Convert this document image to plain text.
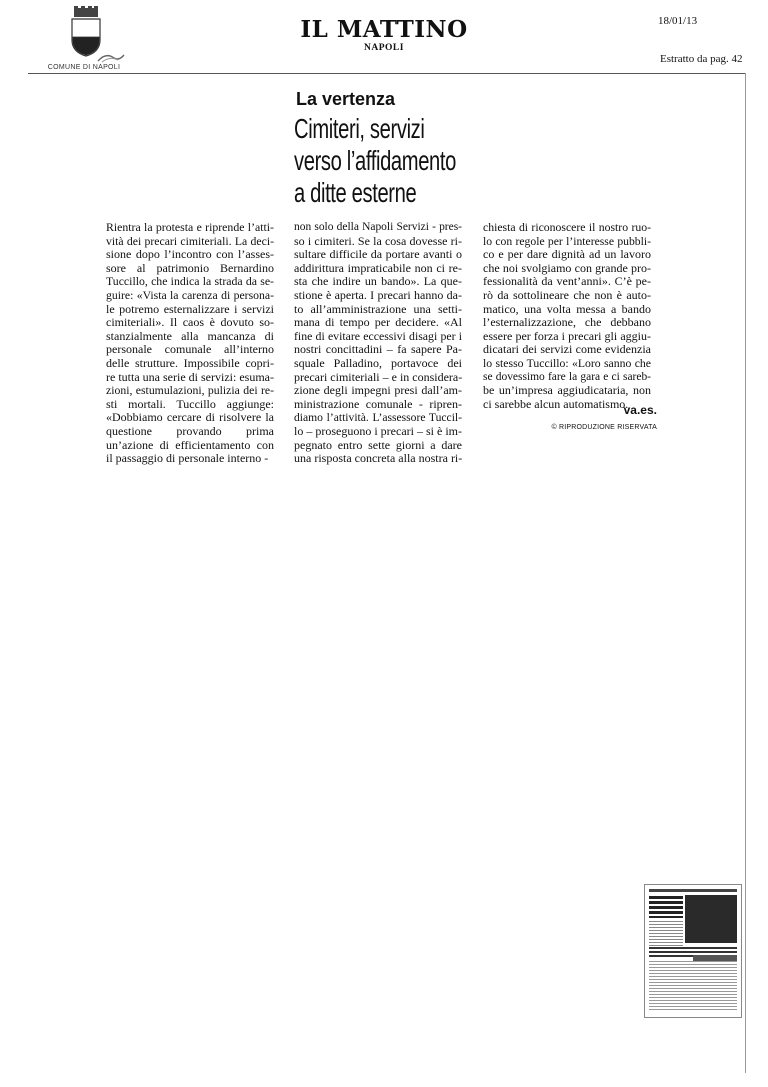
COMUNE DI NAPOLI
IL MATTINO
NAPOLI
18/01/13
Estratto da pag. 42
La vertenza
Cimiteri, servizi
verso l’affidamento
a ditte esterne
Rientra la protesta e riprende l’atti-
vità dei precari cimiteriali. La deci-
sione dopo l’incontro con l’asses-
sore al patrimonio Bernardino
Tuccillo, che indica la strada da se-
guire: «Vista la carenza di persona-
le potremo esternalizzare i servizi
cimiteriali». Il caos è dovuto so-
stanzialmente alla mancanza di
personale comunale all’interno
delle strutture. Impossibile copri-
re tutta una serie di servizi: esuma-
zioni, estumulazioni, pulizia dei re-
sti mortali. Tuccillo aggiunge:
«Dobbiamo cercare di risolvere la
questione provando prima
un’azione di efficientamento con
il passaggio di personale interno -
non solo della Napoli Servizi - pres-
so i cimiteri. Se la cosa dovesse ri-
sultare difficile da portare avanti o
addirittura impraticabile non ci re-
sta che indire un bando». La que-
stione è aperta. I precari hanno da-
to all’amministrazione una setti-
mana di tempo per decidere. «Al
fine di evitare eccessivi disagi per i
nostri concittadini – fa sapere Pa-
squale Palladino, portavoce dei
precari cimiteriali – e in considera-
zione degli impegni presi dall’am-
ministrazione comunale - ripren-
diamo l’attività. L’assessore Tuccil-
lo – proseguono i precari – si è im-
pegnato entro sette giorni a dare
una risposta concreta alla nostra ri-
chiesta di riconoscere il nostro ruo-
lo con regole per l’interesse pubbli-
co e per dare dignità ad un lavoro
che noi svolgiamo con grande pro-
fessionalità da vent’anni». C’è pe-
rò da sottolineare che non è auto-
matico, una volta messa a bando
l’esternalizzazione, che debbano
essere per forza i precari gli aggiu-
dicatari dei servizi come evidenzia
lo stesso Tuccillo: «Loro sanno che
se dovessimo fare la gara e ci sareb-
be un’impresa aggiudicataria, non
ci sarebbe alcun automatismo.
va.es.
© RIPRODUZIONE RISERVATA
